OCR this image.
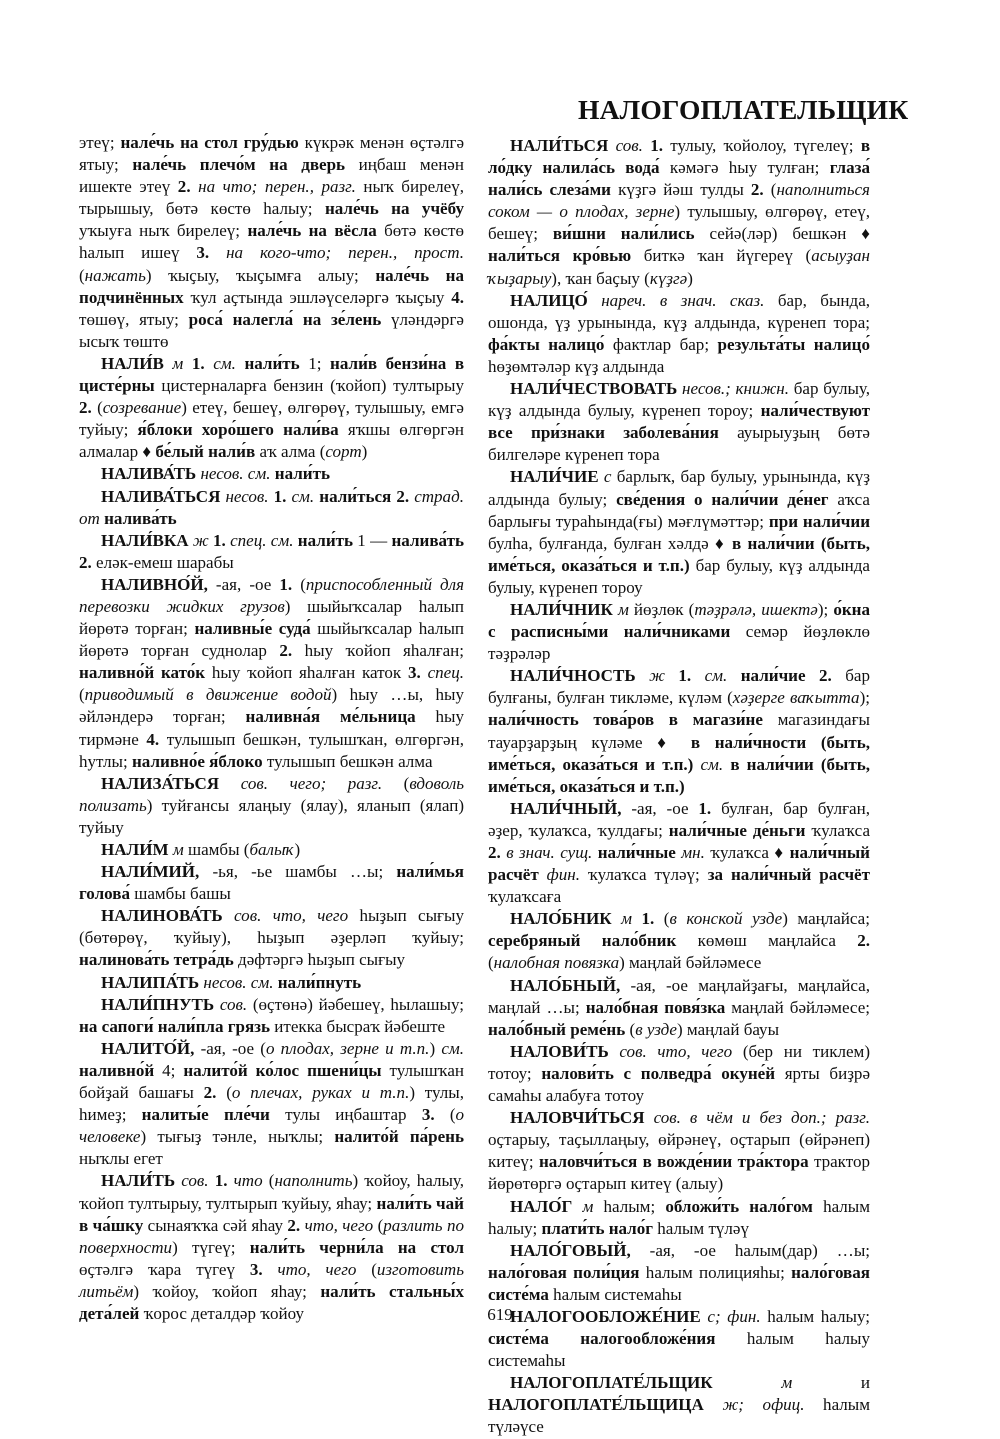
НАЛОГОПЛАТЕЛЬЩИК

этеү; нале́чь на стол гру́дью күкрәк менән өҫтәлгә ятыу; нале́чь плечо́м на дверь иңбаш менән ишекте этеү 2. на что; перен., разг. ныҡ бирелеү, тырышыу, бөтә көстө һалыу; нале́чь на учёбу уҡыуға ныҡ бирелеү; нале́чь на вёсла бөтә көстө һалып ишеү 3. на кого-что; перен., прост. (нажать) ҡыҫыу, ҡыҫымға алыу; нале́чь на подчинённых ҡул аҫтында эшләүселәргә ҡыҫыу 4. төшөү, ятыу; роса́ налегла́ на зе́лень үләндәргә ысыҡ төштө

НАЛИ́В м 1. см. нали́ть 1; нали́в бензи́на в цисте́рны цистерналарға бензин (ҡойоп) тултырыу 2. (созревание) етеү, бешеү, өлгөрөү, тулышыу, емгә туйыу; я́блоки хоро́шего нали́ва яҡшы өлгөргән алмалар ♦ бе́лый нали́в аҡ алма (сорт)

НАЛИВА́ТЬ несов. см. нали́ть

НАЛИВА́ТЬСЯ несов. 1. см. нали́ться 2. страд. от налива́ть

НАЛИ́ВКА ж 1. спец. см. нали́ть 1 — налива́ть 2. еләк-емеш шарабы

НАЛИВНО́Й, -ая, -ое 1. (приспособленный для перевозки жидких грузов) шыйыҡсалар һалып йөрөтә торған; наливны́е суда́ шыйыҡсалар һалып йөрөтә торған суднолар 2. һыу ҡойоп яһалған; наливно́й като́к һыу ҡойоп яһалған каток 3. спец. (приводимый в движение водой) һыу …ы, һыу әйләндерә торған; наливна́я ме́льница һыу тирмәне 4. тулышып бешкән, тулышҡан, өлгөргән, һутлы; наливно́е я́блоко тулышып бешкән алма

НАЛИЗА́ТЬСЯ сов. чего; разг. (вдоволь полизать) туйғансы ялаңыу (ялау), яланып (ялап) туйыу

НАЛИ́М м шамбы (балыҡ)

НАЛИ́МИЙ, -ья, -ье шамбы …ы; нали́мья голова́ шамбы башы

НАЛИНОВА́ТЬ сов. что, чего һыҙып сығыу (бөтөрөү, ҡуйыу), һыҙып әҙерләп ҡуйыу; налинова́ть тетра́дь дәфтәргә һыҙып сығыу

НАЛИПА́ТЬ несов. см. нали́пнуть

НАЛИ́ПНУТЬ сов. (өҫтөнә) йәбешеү, һылашыу; на сапоги́ нали́пла грязь итекка бысраҡ йәбеште

НАЛИТО́Й, -ая, -ое (о плодах, зерне и т.п.) см. наливно́й 4; налито́й ко́лос пшени́цы тулышҡан бойҙай башағы 2. (о плечах, руках и т.п.) тулы, һимеҙ; налиты́е пле́чи тулы иңбаштар 3. (о человеке) тығыҙ тәнле, ныҡлы; налито́й па́рень ныҡлы егет

НАЛИ́ТЬ сов. 1. что (наполнить) ҡойоу, һалыу, ҡойоп тултырыу, тултырып ҡуйыу, яһау; нали́ть чай в ча́шку сынаяҡҡа сәй яһау 2. что, чего (разлить по поверхности) түгеү; нали́ть черни́ла на стол өҫтәлгә ҡара түгеү 3. что, чего (изготовить литьём) ҡойоу, ҡойоп яһау; нали́ть стальны́х дета́лей ҡорос деталдәр ҡойоу

НАЛИ́ТЬСЯ сов. 1. тулыу, ҡойолоу, түгелеү; в ло́дку налила́сь вода́ кәмәгә һыу тулған; глаза́ нали́сь слеза́ми күҙгә йәш тулды 2. (наполниться соком — о плодах, зерне) тулышыу, өлгөрөү, етеү, бешеү; ви́шни нали́лись сейә(ләр) бешкән ♦ нали́ться кро́вью биткә ҡан йүгереү (асыуҙан ҡыҙарыу), ҡан баҫыу (күҙгә)

НАЛИЦО́ нареч. в знач. сказ. бар, бында, ошонда, үҙ урынында, күҙ алдында, күренеп тора; фа́кты налицо́ фактлар бар; результа́ты налицо́ һөҙөмтәләр күҙ алдында

НАЛИ́ЧЕСТВОВАТЬ несов.; книжн. бар булыу, күҙ алдында булыу, күренеп тороу; нали́чествуют все при́знаки заболева́ния ауырыуҙың бөтә билгеләре күренеп тора

НАЛИ́ЧИЕ с барлыҡ, бар булыу, урынында, күҙ алдында булыу; све́дения о нали́чии де́нег аҡса барлығы тураһында(ғы) мәғлүмәттәр; при нали́чии булһа, булғанда, булған хәлдә ♦ в нали́чии (быть, име́ться, оказа́ться и т.п.) бар булыу, күҙ алдында булыу, күренеп тороу

НАЛИ́ЧНИК м йөҙлөк (тәҙрәлә, ишектә); о́кна с расписны́ми нали́чниками семәр йөҙлөклө тәҙрәләр

НАЛИ́ЧНОСТЬ ж 1. см. нали́чие 2. бар булғаны, булған тикләме, күләм (хәҙерге ваҡытта); нали́чность това́ров в магази́не магазиндағы тауарҙарҙың күләме ♦ в нали́чности (быть, име́ться, оказа́ться и т.п.) см. в нали́чии (быть, име́ться, оказа́ться и т.п.)

НАЛИ́ЧНЫЙ, -ая, -ое 1. булған, бар булған, әҙер, ҡулаҡса, ҡулдағы; нали́чные де́ньги ҡулаҡса 2. в знач. сущ. нали́чные мн. ҡулаҡса ♦ нали́чный расчёт фин. ҡулаҡса түләү; за нали́чный расчёт ҡулаҡсаға

НАЛО́БНИК м 1. (в конской узде) маңлайса; серебряный нало́бник көмөш маңлайса 2. (налобная повязка) маңлай бәйләмесе

НАЛО́БНЫЙ, -ая, -ое маңлайҙағы, маңлайса, маңлай …ы; нало́бная повя́зка маңлай бәйләмесе; нало́бный реме́нь (в узде) маңлай бауы

НАЛОВИ́ТЬ сов. что, чего (бер ни тиклем) тотоу; налови́ть с полведра́ окуне́й ярты биҙрә самаһы алабуға тотоу

НАЛОВЧИ́ТЬСЯ сов. в чём и без доп.; разг. оҫтарыу, таҫыллаңыу, өйрәнеү, оҫтарып (өйрәнеп) китеү; наловчи́ться в вожде́нии тра́ктора трактор йөрөтөргә оҫтарып китеү (алыу)

НАЛО́Г м һалым; обложи́ть нало́гом һалым һалыу; плати́ть нало́г һалым түләү

НАЛО́ГОВЫЙ, -ая, -ое һалым(дар) …ы; нало́говая поли́ция һалым полицияһы; нало́говая систе́ма һалым системаһы

НАЛОГООБЛОЖЕ́НИЕ с; фин. һалым һалыу; систе́ма налогообложе́ния һалым һалыу системаһы

НАЛОГОПЛАТЕ́ЛЬЩИК	м и НАЛОГОПЛАТЕ́ЛЬЩИЦА ж; офиц. һалым түләүсе

619
